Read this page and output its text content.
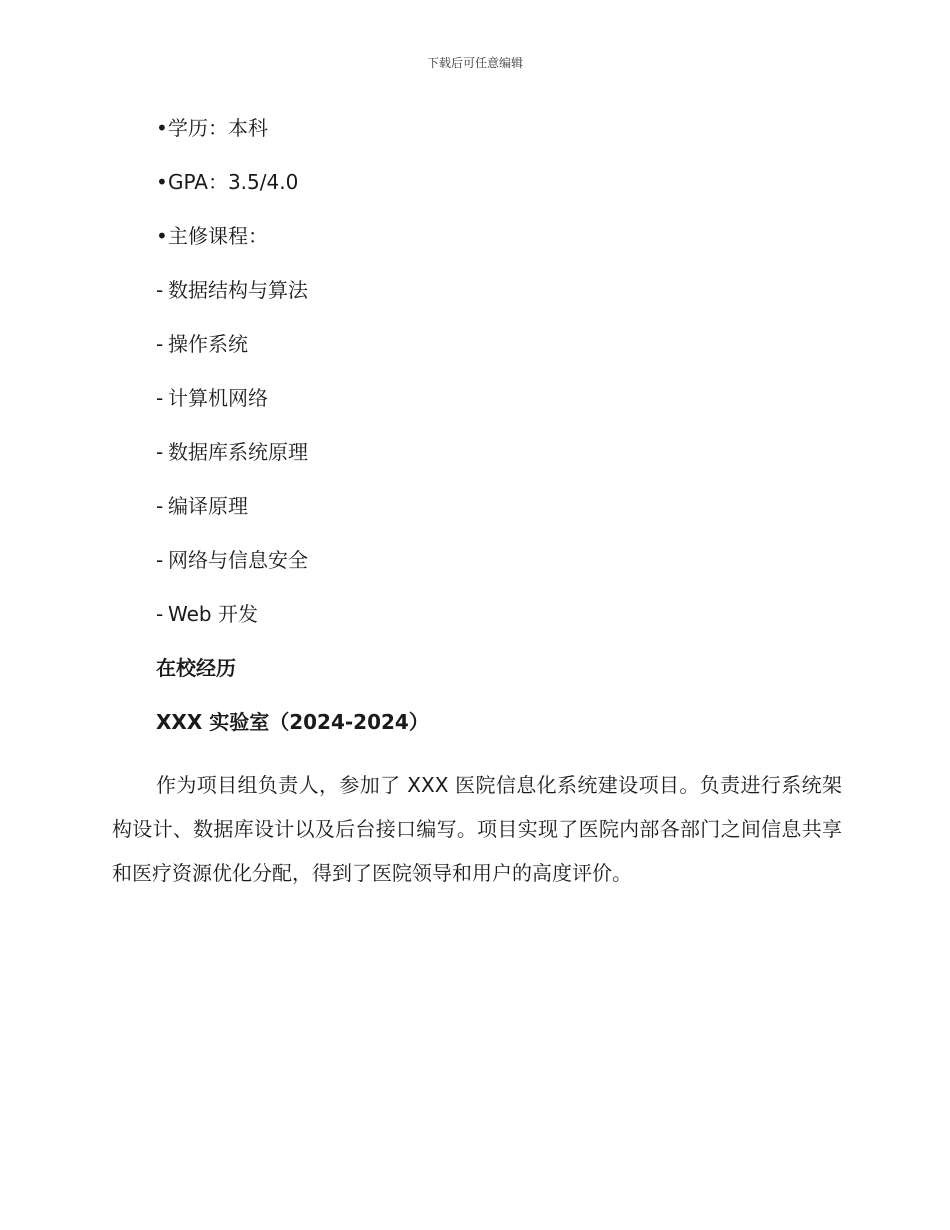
下载后可任意编辑
•学历：本科
•GPA：3.5/4.0
•主修课程：
- 数据结构与算法
- 操作系统
- 计算机网络
- 数据库系统原理
- 编译原理
- 网络与信息安全
- Web 开发
在校经历
XXX 实验室（2024-2024）
作为项目组负责人，参加了 XXX 医院信息化系统建设项目。负责进行系统架构设计、数据库设计以及后台接口编写。项目实现了医院内部各部门之间信息共享和医疗资源优化分配，得到了医院领导和用户的高度评价。
